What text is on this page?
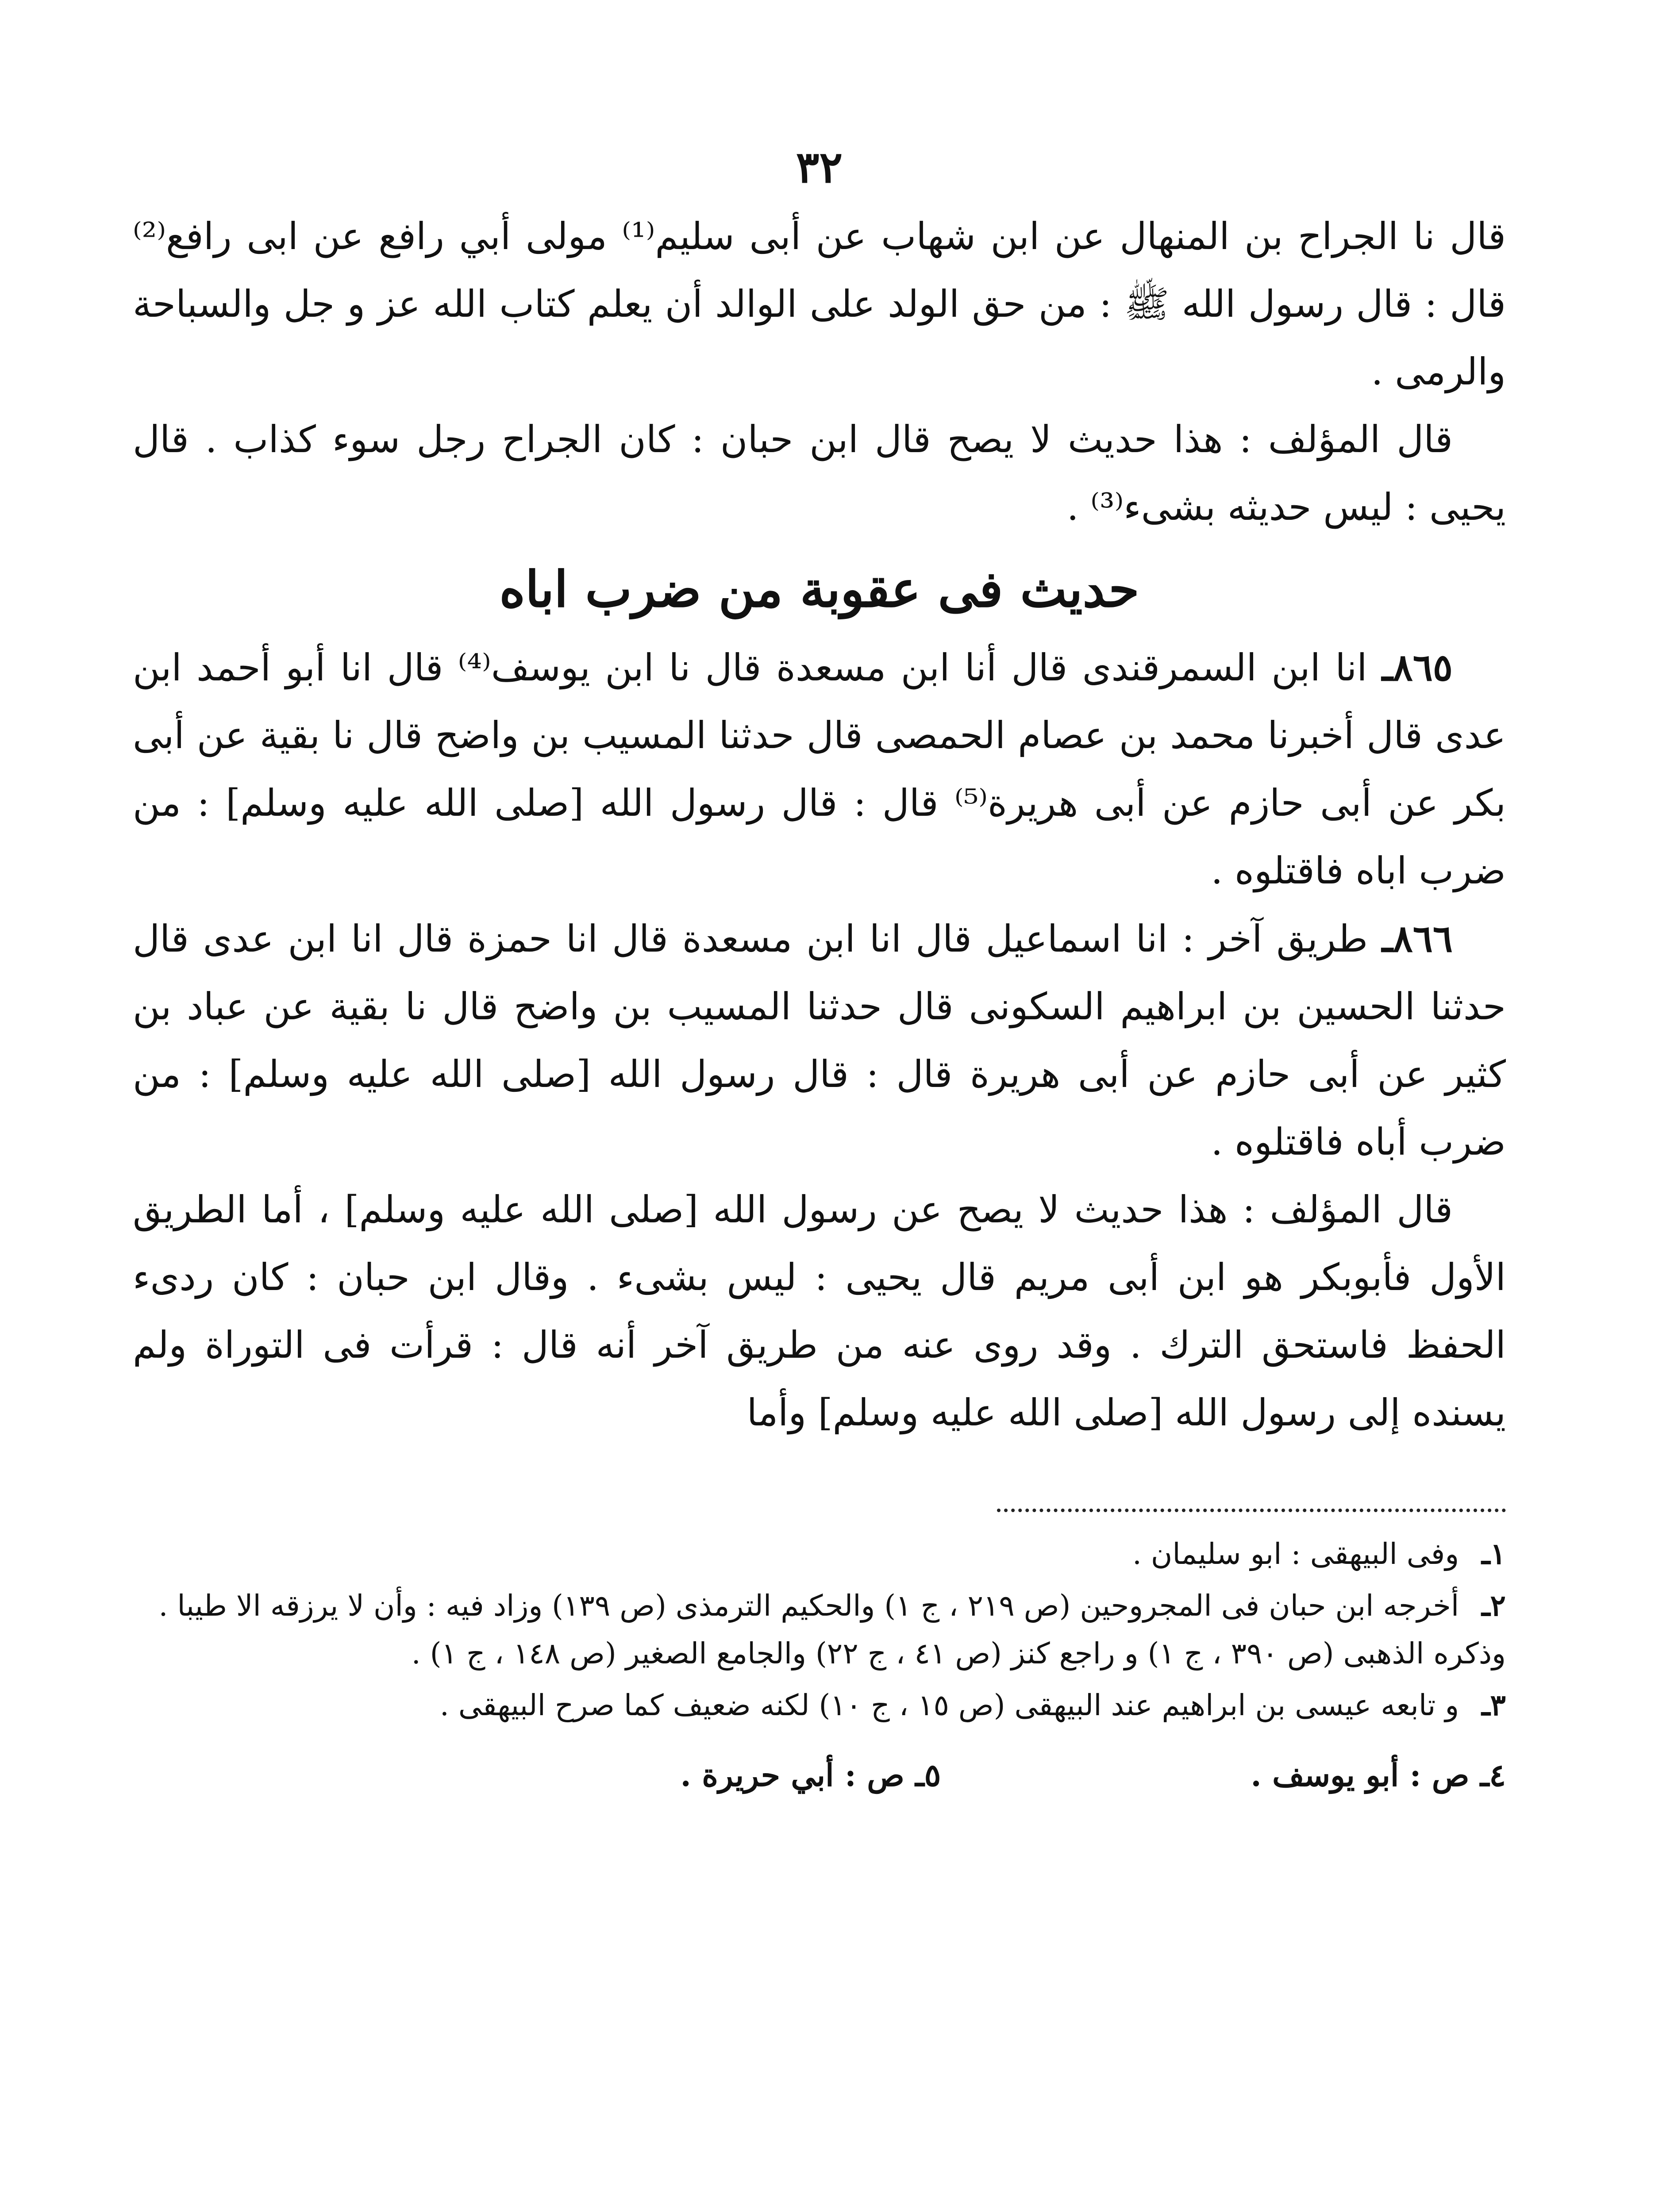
٣٢

قال نا الجراح بن المنهال عن ابن شهاب عن أبى سليم⁽¹⁾ مولى أبي رافع عن ابى رافع⁽²⁾ قال : قال رسول الله ﷺ : من حق الولد على الوالد أن يعلم كتاب الله عز و جل والسباحة والرمى .

قال المؤلف : هذا حديث لا يصح قال ابن حبان : كان الجراح رجل سوء كذاب . قال يحيى : ليس حديثه بشىء⁽³⁾ .

حديث فى عقوبة من ضرب اباه

٨٦٥ـ انا ابن السمرقندى قال أنا ابن مسعدة قال نا ابن يوسف⁽⁴⁾ قال انا أبو أحمد ابن عدى قال أخبرنا محمد بن عصام الحمصى قال حدثنا المسيب بن واضح قال نا بقية عن أبى بكر عن أبى حازم عن أبى هريرة⁽⁵⁾ قال : قال رسول الله [صلى الله عليه وسلم] : من ضرب اباه فاقتلوه .

٨٦٦ـ طريق آخر : انا اسماعيل قال انا ابن مسعدة قال انا حمزة قال انا ابن عدى قال حدثنا الحسين بن ابراهيم السكونى قال حدثنا المسيب بن واضح قال نا بقية عن عباد بن كثير عن أبى حازم عن أبى هريرة قال : قال رسول الله [صلى الله عليه وسلم] : من ضرب أباه فاقتلوه .

قال المؤلف : هذا حديث لا يصح عن رسول الله [صلى الله عليه وسلم] ، أما الطريق الأول فأبوبكر هو ابن أبى مريم قال يحيى : ليس بشىء . وقال ابن حبان : كان ردىء الحفظ فاستحق الترك . وقد روى عنه من طريق آخر أنه قال : قرأت فى التوراة ولم يسنده إلى رسول الله [صلى الله عليه وسلم] وأما

١ـ وفى البيهقى : ابو سليمان .

٢ـ أخرجه ابن حبان فى المجروحين (ص ٢١٩ ، ج ١) والحكيم الترمذى (ص ١٣٩) وزاد فيه : وأن لا يرزقه الا طيبا . وذكره الذهبى (ص ٣٩٠ ، ج ١) و راجع كنز (ص ٤١ ، ج ٢٢) والجامع الصغير (ص ١٤٨ ، ج ١) .

٣ـ و تابعه عيسى بن ابراهيم عند البيهقى (ص ١٥ ، ج ١٠) لكنه ضعيف كما صرح البيهقى .

٤ـ ص : أبو يوسف .
٥ـ ص : أبي حريرة .
